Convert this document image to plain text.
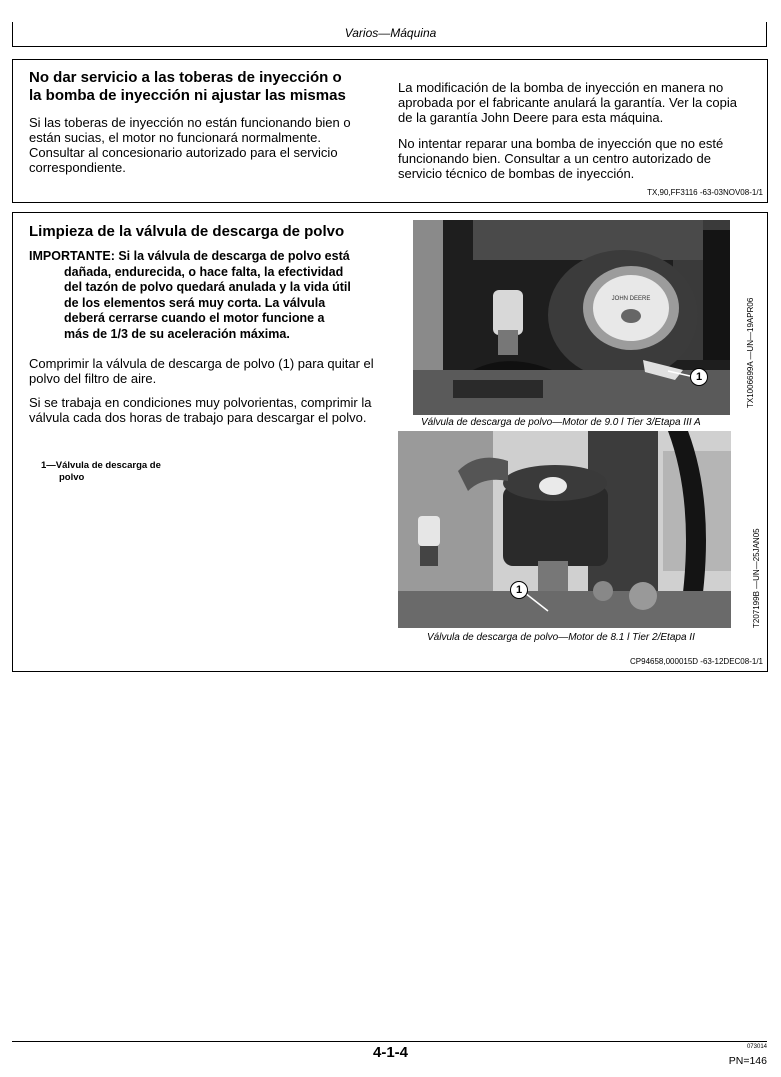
Varios—Máquina
No dar servicio a las toberas de inyección o
la bomba de inyección ni ajustar las mismas

Si las toberas de inyección no están funcionando bien o están sucias, el motor no funcionará normalmente. Consultar al concesionario autorizado para el servicio correspondiente.

La modificación de la bomba de inyección en manera no aprobada por el fabricante anulará la garantía. Ver la copia de la garantía John Deere para esta máquina.

No intentar reparar una bomba de inyección que no esté funcionando bien. Consultar a un centro autorizado de servicio técnico de bombas de inyección.

TX,90,FF3116 -63-03NOV08-1/1
Limpieza de la válvula de descarga de polvo
IMPORTANTE: Si la válvula de descarga de polvo está
dañada, endurecida, o hace falta, la efectividad
del tazón de polvo quedará anulada y la vida útil
de los elementos será muy corta. La válvula
deberá cerrarse cuando el motor funcione a
más de 1/3 de su aceleración máxima.

Comprimir la válvula de descarga de polvo (1) para quitar el polvo del filtro de aire.

Si se trabaja en condiciones muy polvorientas, comprimir la válvula cada dos horas de trabajo para descargar el polvo.

1—Válvula de descarga de
polvo
JOHN DEERE
1	TX1006699A —UN—19APR06
Válvula de descarga de polvo—Motor de 9.0 l Tier 3/Etapa III A
1	T207199B —UN—25JAN05
Válvula de descarga de polvo—Motor de 8.1 l Tier 2/Etapa II
CP94658,000015D -63-12DEC08-1/1
4-1-4	073014
PN=146
